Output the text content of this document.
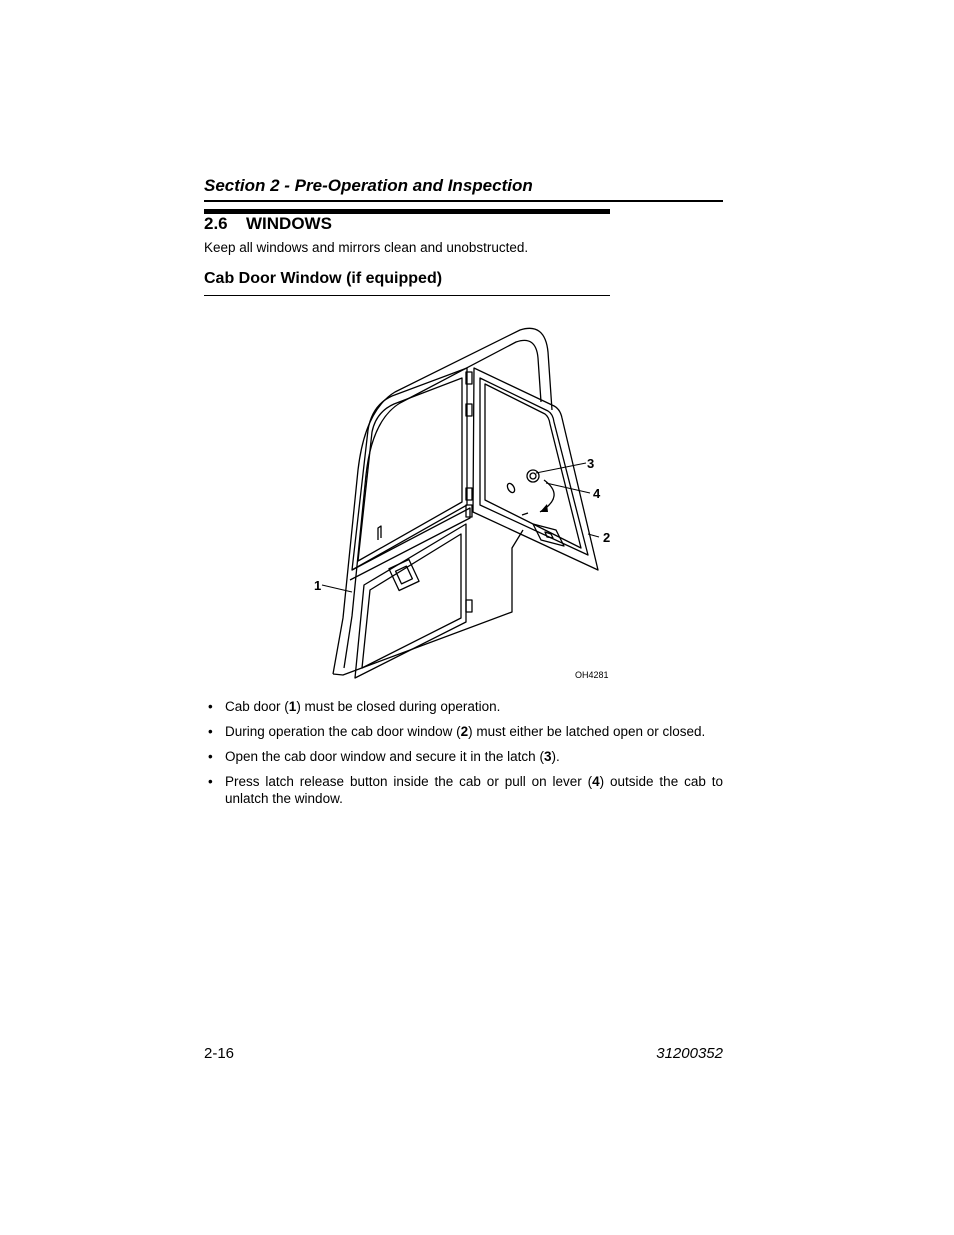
Section 2 - Pre-Operation and Inspection
2.6 WINDOWS
Keep all windows and mirrors clean and unobstructed.
Cab Door Window (if equipped)
1
2
3
4
OH4281
• Cab door (1) must be closed during operation.
• During operation the cab door window (2) must either be latched open or closed.
• Open the cab door window and secure it in the latch (3).
• Press latch release button inside the cab or pull on lever (4) outside the cab to unlatch the window.
2-16	31200352
